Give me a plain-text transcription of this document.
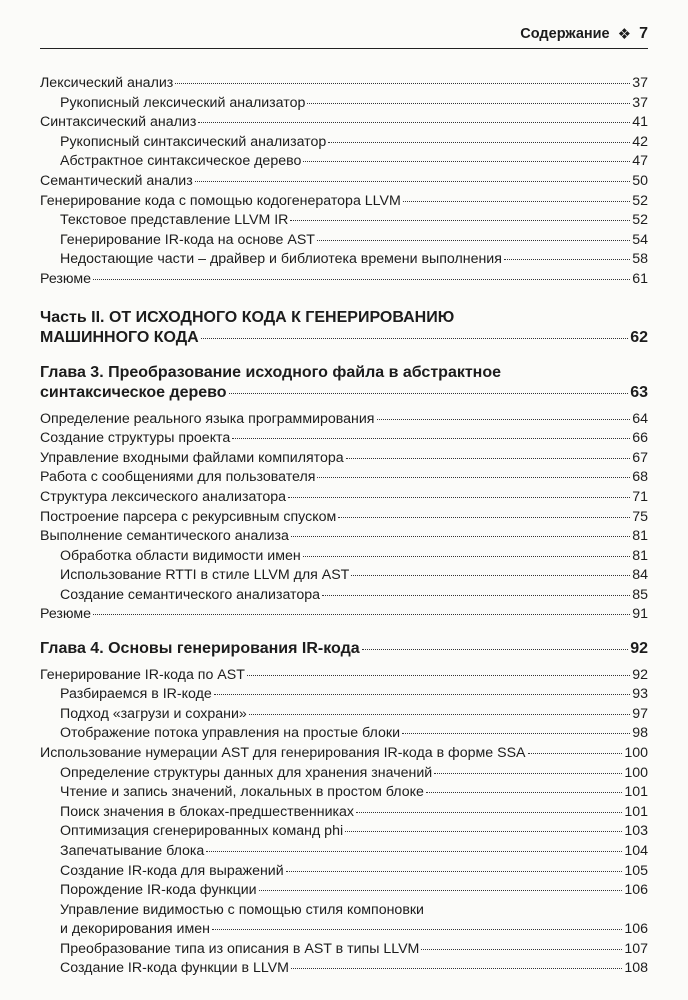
Содержание ❖ 7
Лексический анализ	37
Рукописный лексический анализатор	37
Синтаксический анализ	41
Рукописный синтаксический анализатор	42
Абстрактное синтаксическое дерево	47
Семантический анализ	50
Генерирование кода с помощью кодогенератора LLVM	52
Текстовое представление LLVM IR	52
Генерирование IR-кода на основе AST	54
Недостающие части – драйвер и библиотека времени выполнения	58
Резюме	61
Часть II. ОТ ИСХОДНОГО КОДА К ГЕНЕРИРОВАНИЮ
МАШИННОГО КОДА	62
Глава 3. Преобразование исходного файла в абстрактное
синтаксическое дерево	63
Определение реального языка программирования	64
Создание структуры проекта	66
Управление входными файлами компилятора	67
Работа с сообщениями для пользователя	68
Структура лексического анализатора	71
Построение парсера с рекурсивным спуском	75
Выполнение семантического анализа	81
Обработка области видимости имен	81
Использование RTTI в стиле LLVM для AST	84
Создание семантического анализатора	85
Резюме	91
Глава 4. Основы генерирования IR-кода	92
Генерирование IR-кода по AST	92
Разбираемся в IR-коде	93
Подход «загрузи и сохрани»	97
Отображение потока управления на простые блоки	98
Использование нумерации AST для генерирования IR-кода в форме SSA	100
Определение структуры данных для хранения значений	100
Чтение и запись значений, локальных в простом блоке	101
Поиск значения в блоках-предшественниках	101
Оптимизация сгенерированных команд phi	103
Запечатывание блока	104
Создание IR-кода для выражений	105
Порождение IR-кода функции	106
Управление видимостью с помощью стиля компоновки
и декорирования имен	106
Преобразование типа из описания в AST в типы LLVM	107
Создание IR-кода функции в LLVM	108
